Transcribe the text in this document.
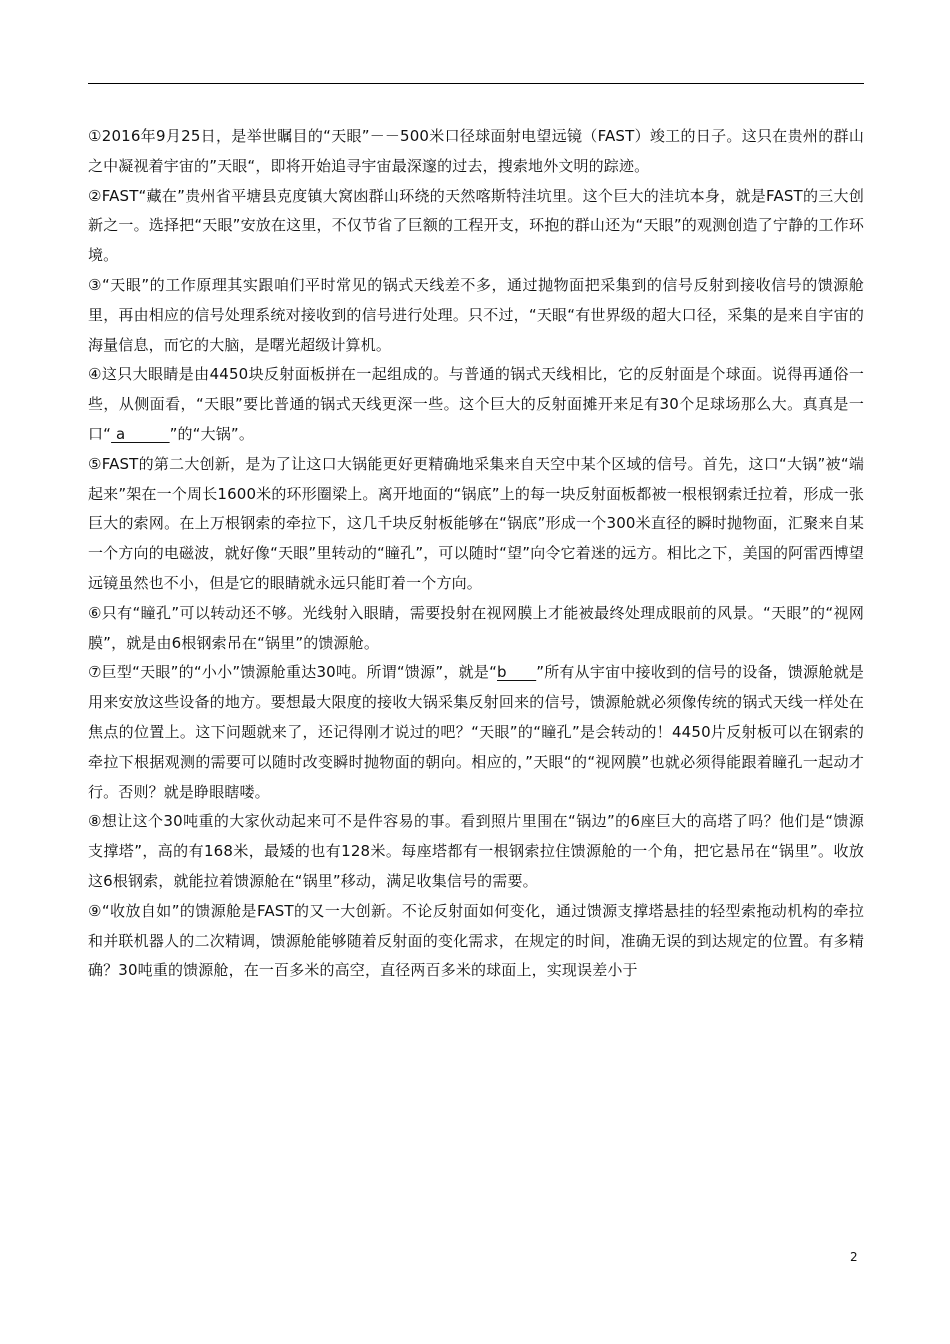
①2016年9月25日，是举世瞩目的“天眼”－－500米口径球面射电望远镜（FAST）竣工的日子。这只在贵州的群山之中凝视着宇宙的”天眼“，即将开始追寻宇宙最深邃的过去，搜索地外文明的踪迹。

②FAST“藏在”贵州省平塘县克度镇大窝凼群山环绕的天然喀斯特洼坑里。这个巨大的洼坑本身，就是FAST的三大创新之一。选择把“天眼”安放在这里，不仅节省了巨额的工程开支，环抱的群山还为“天眼”的观测创造了宁静的工作环境。

③“天眼”的工作原理其实跟咱们平时常见的锅式天线差不多，通过抛物面把采集到的信号反射到接收信号的馈源舱里，再由相应的信号处理系统对接收到的信号进行处理。只不过，“天眼“有世界级的超大口径，采集的是来自宇宙的海量信息，而它的大脑，是曙光超级计算机。

④这只大眼睛是由4450块反射面板拼在一起组成的。与普通的锅式天线相比，它的反射面是个球面。说得再通俗一些，从侧面看，“天眼”要比普通的锅式天线更深一些。这个巨大的反射面摊开来足有30个足球场那么大。真真是一口“ a         ”的“大锅”。

⑤FAST的第二大创新，是为了让这口大锅能更好更精确地采集来自天空中某个区域的信号。首先，这口“大锅”被“端起来”架在一个周长1600米的环形圈梁上。离开地面的“锅底”上的每一块反射面板都被一根根钢索迁拉着，形成一张巨大的索网。在上万根钢索的牵拉下，这几千块反射板能够在“锅底”形成一个300米直径的瞬时抛物面，汇聚来自某一个方向的电磁波，就好像“天眼”里转动的“瞳孔”，可以随时“望”向令它着迷的远方。相比之下，美国的阿雷西博望远镜虽然也不小，但是它的眼睛就永远只能盯着一个方向。

⑥只有“瞳孔”可以转动还不够。光线射入眼睛，需要投射在视网膜上才能被最终处理成眼前的风景。“天眼”的“视网膜”，就是由6根钢索吊在“锅里”的馈源舱。

⑦巨型“天眼”的“小小”馈源舱重达30吨。所谓“馈源”，就是“b      ”所有从宇宙中接收到的信号的设备，馈源舱就是用来安放这些设备的地方。要想最大限度的接收大锅采集反射回来的信号，馈源舱就必须像传统的锅式天线一样处在焦点的位置上。这下问题就来了，还记得刚才说过的吧？“天眼”的“瞳孔”是会转动的！4450片反射板可以在钢索的牵拉下根据观测的需要可以随时改变瞬时抛物面的朝向。相应的，”天眼“的“视网膜”也就必须得能跟着瞳孔一起动才行。否则？就是睁眼瞎喽。

⑧想让这个30吨重的大家伙动起来可不是件容易的事。看到照片里围在“锅边”的6座巨大的高塔了吗？他们是“馈源支撑塔”，高的有168米，最矮的也有128米。每座塔都有一根钢索拉住馈源舱的一个角，把它悬吊在“锅里”。收放这6根钢索，就能拉着馈源舱在“锅里”移动，满足收集信号的需要。

⑨“收放自如”的馈源舱是FAST的又一大创新。不论反射面如何变化，通过馈源支撑塔悬挂的轻型索拖动机构的牵拉和并联机器人的二次精调，馈源舱能够随着反射面的变化需求，在规定的时间，准确无误的到达规定的位置。有多精确？30吨重的馈源舱，在一百多米的高空，直径两百多米的球面上，实现误差小于

2
